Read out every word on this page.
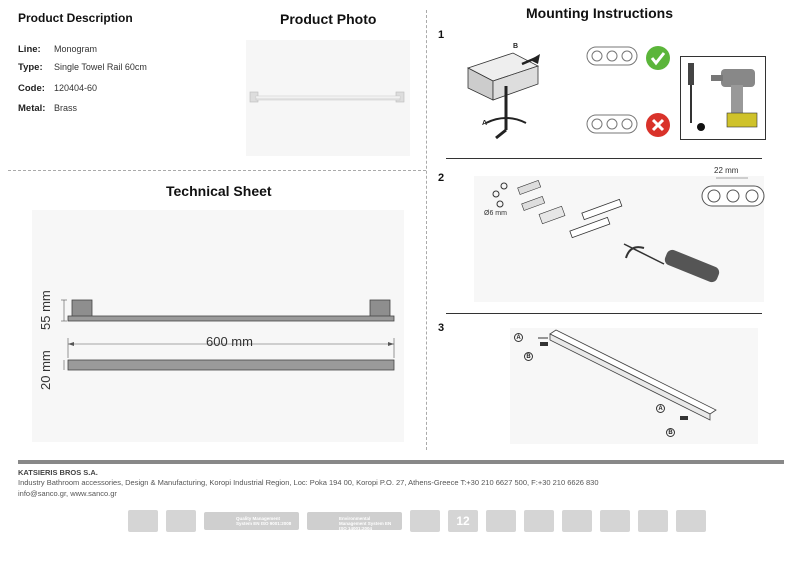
Product Description
Line:	Monogram
Type:	Single Towel Rail 60cm
Code:	120404-60
Metal: Brass
Product Photo
Technical Sheet
600 mm
55 mm
20 mm
Mounting Instructions
1
B
A
2
Ø6 mm
22 mm
3
A
B
A
B
KATSIERIS BROS S.A.
Industry Bathroom accessories, Design & Manufacturing, Koropi Industrial Region, Loc: Poka 194 00, Koropi P.O. 27, Athens-Greece T:+30 210 6627 500, F:+30 210 6626 830
info@sanco.gr, www.sanco.gr
Quality Management System EN ISO 9001:2008
Environmental Management System EN ISO 14001:2004
12
